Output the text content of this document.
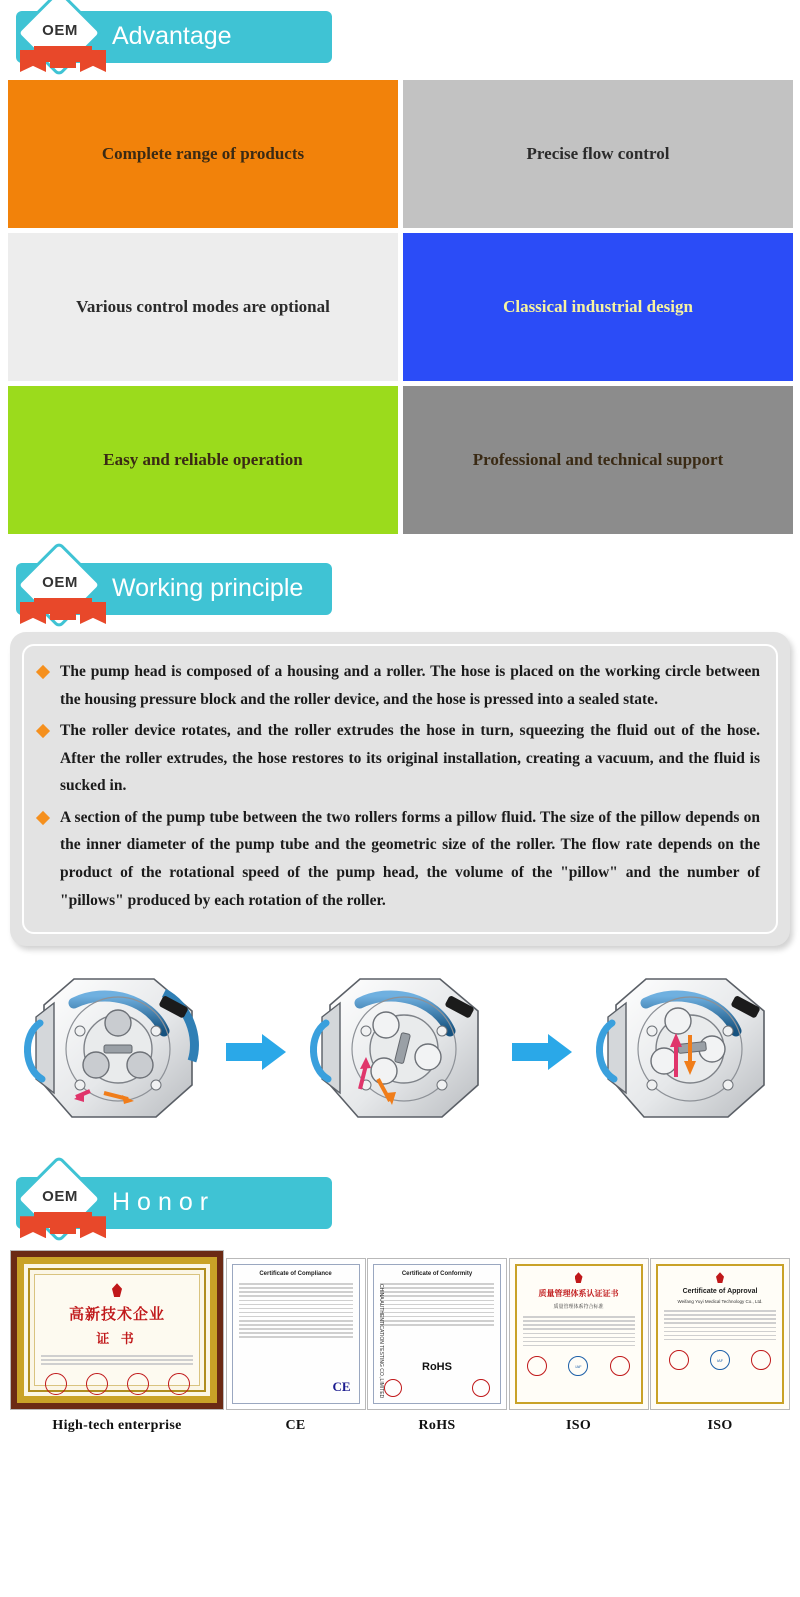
OEM	Advantage
Complete range of products	Precise flow control
Various control modes are optional	Classical industrial design
Easy and reliable operation	Professional and technical support
OEM	Working principle
The pump head is composed of a housing and a roller. The hose is placed on the working circle between the housing pressure block and the roller device, and the hose is pressed into a sealed state.
The roller device rotates, and the roller extrudes the hose in turn, squeezing the fluid out of the hose. After the roller extrudes, the hose restores to its original installation, creating a vacuum, and the fluid is sucked in.
A section of the pump tube between the two rollers forms a pillow fluid. The size of the pillow depends on the inner diameter of the pump tube and the geometric size of the roller. The flow rate depends on the product of the rotational speed of the pump head, the volume of the "pillow" and the number of "pillows" produced by each rotation of the roller.
OEM	Honor
高新技术企业
证 书
High-tech enterprise
Certificate of Compliance
CE
CE
Certificate of Conformity
CHINA AUTHENTICATION TESTING CO.,LIMITED	RoHS
RoHS
质量管理体系认证证书
质量管理体系符合标准
IAF
ISO
Certificate of Approval
Weifang Yuyi Medical Technology Co., Ltd.
IAF
ISO
